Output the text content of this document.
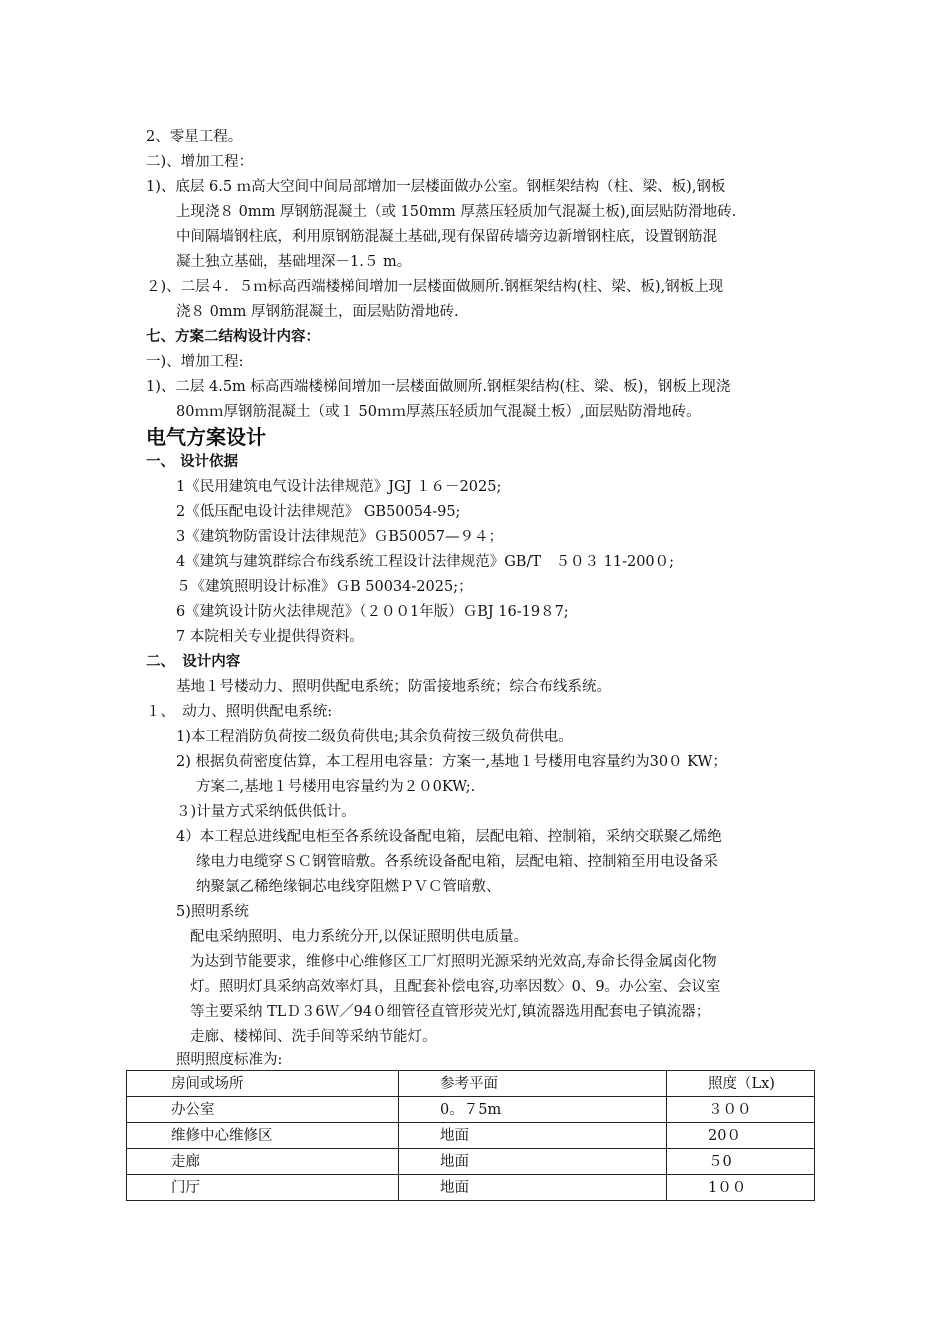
2、零星工程。
二)、增加工程：
1)、底层 6.5 ｍ高大空间中间局部增加一层楼面做办公室。钢框架结构（柱、梁、板),钢板
上现浇８ 0mm 厚钢筋混凝土（或 150mm 厚蒸压轻质加气混凝土板),面层贴防滑地砖.
中间隔墙钢柱底，利用原钢筋混凝土基础,现有保留砖墙旁边新增钢柱底，设置钢筋混
凝土独立基础，基础埋深－1.５ m。
２)、二层４．５ｍ标高西端楼梯间增加一层楼面做厕所.钢框架结构(柱、梁、板),钢板上现
浇８ 0mm 厚钢筋混凝土，面层贴防滑地砖.
七、方案二结构设计内容：
一)、增加工程:
1)、二层 4.5m 标高西端楼梯间增加一层楼面做厕所.钢框架结构(柱、梁、板)，钢板上现浇
80ｍｍ厚钢筋混凝土（或１ 50ｍｍ厚蒸压轻质加气混凝土板）,面层贴防滑地砖。
电气方案设计
一、 设计依据
1《民用建筑电气设计法律规范》JGJ １６－2025;
2《低压配电设计法律规范》 GB50054-95;
3《建筑物防雷设计法律规范》ＧB50057—９４；
4《建筑与建筑群综合布线系统工程设计法律规范》GB/T　５０３ 11-200０;
５《建筑照明设计标准》ＧB 50034-2025;；
6《建筑设计防火法律规范》（２００1年版）ＧBJ 16-19８7;
7 本院相关专业提供得资料。
二、　设计内容
基地１号楼动力、照明供配电系统；防雷接地系统；综合布线系统。
１、　动力、照明供配电系统:
1)本工程消防负荷按二级负荷供电;其余负荷按三级负荷供电。
2) 根据负荷密度估算，本工程用电容量：方案一,基地１号楼用电容量约为30０ KW；
方案二,基地１号楼用电容量约为２０0KW;.
３)计量方式采纳低供低计。
4）本工程总进线配电柜至各系统设备配电箱，层配电箱、控制箱，采纳交联聚乙烯绝
缘电力电缆穿ＳＣ钢管暗敷。各系统设备配电箱，层配电箱、控制箱至用电设备采
纳聚氯乙稀绝缘铜芯电线穿阻燃ＰＶＣ管暗敷、
5)照明系统
配电采纳照明、电力系统分开,以保证照明供电质量。
为达到节能要求，维修中心维修区工厂灯照明光源采纳光效高,寿命长得金属卤化物
灯。照明灯具采纳高效率灯具，且配套补偿电容,功率因数〉0、9。办公室、会议室
等主要采纳 TLＤ３6Ｗ／94０细管径直管形荧光灯,镇流器选用配套电子镇流器；
走廊、楼梯间、洗手间等采纳节能灯。
照明照度标准为:
房间或场所	参考平面	照度（Lx)
办公室	0。７5m	３００
维修中心维修区	地面	20０
走廊	地面	５0
门厅	地面	1００
